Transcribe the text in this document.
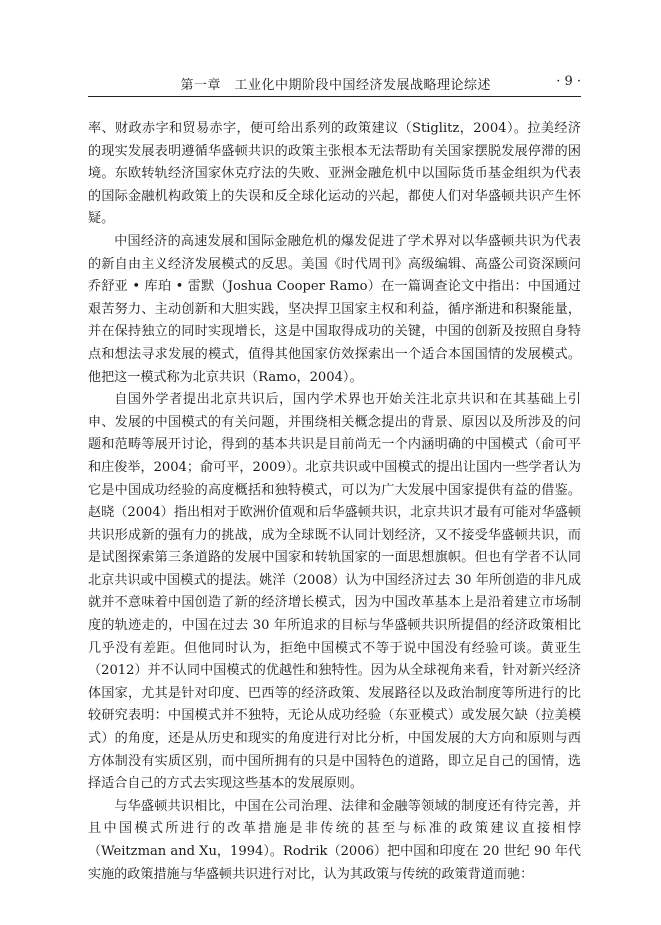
第一章　工业化中期阶段中国经济发展战略理论综述	· 9 ·

率、财政赤字和贸易赤字，便可给出系列的政策建议（Stiglitz，2004）。拉美经济的现实发展表明遵循华盛顿共识的政策主张根本无法帮助有关国家摆脱发展停滞的困境。东欧转轨经济国家休克疗法的失败、亚洲金融危机中以国际货币基金组织为代表的国际金融机构政策上的失误和反全球化运动的兴起，都使人们对华盛顿共识产生怀疑。

中国经济的高速发展和国际金融危机的爆发促进了学术界对以华盛顿共识为代表的新自由主义经济发展模式的反思。美国《时代周刊》高级编辑、高盛公司资深顾问乔舒亚 • 库珀 • 雷默（Joshua Cooper Ramo）在一篇调查论文中指出：中国通过艰苦努力、主动创新和大胆实践，坚决捍卫国家主权和利益，循序渐进和积聚能量，并在保持独立的同时实现增长，这是中国取得成功的关键，中国的创新及按照自身特点和想法寻求发展的模式，值得其他国家仿效探索出一个适合本国国情的发展模式。他把这一模式称为北京共识（Ramo，2004）。

自国外学者提出北京共识后，国内学术界也开始关注北京共识和在其基础上引申、发展的中国模式的有关问题，并围绕相关概念提出的背景、原因以及所涉及的问题和范畴等展开讨论，得到的基本共识是目前尚无一个内涵明确的中国模式（俞可平和庄俊举，2004；俞可平，2009）。北京共识或中国模式的提出让国内一些学者认为它是中国成功经验的高度概括和独特模式，可以为广大发展中国家提供有益的借鉴。赵晓（2004）指出相对于欧洲价值观和后华盛顿共识，北京共识才最有可能对华盛顿共识形成新的强有力的挑战，成为全球既不认同计划经济，又不接受华盛顿共识，而是试图探索第三条道路的发展中国家和转轨国家的一面思想旗帜。但也有学者不认同北京共识或中国模式的提法。姚洋（2008）认为中国经济过去 30 年所创造的非凡成就并不意味着中国创造了新的经济增长模式，因为中国改革基本上是沿着建立市场制度的轨迹走的，中国在过去 30 年所追求的目标与华盛顿共识所提倡的经济政策相比几乎没有差距。但他同时认为，拒绝中国模式不等于说中国没有经验可谈。黄亚生（2012）并不认同中国模式的优越性和独特性。因为从全球视角来看，针对新兴经济体国家，尤其是针对印度、巴西等的经济政策、发展路径以及政治制度等所进行的比较研究表明：中国模式并不独特，无论从成功经验（东亚模式）或发展欠缺（拉美模式）的角度，还是从历史和现实的角度进行对比分析，中国发展的大方向和原则与西方体制没有实质区别，而中国所拥有的只是中国特色的道路，即立足自己的国情，选择适合自己的方式去实现这些基本的发展原则。

与华盛顿共识相比，中国在公司治理、法律和金融等领域的制度还有待完善，并且中国模式所进行的改革措施是非传统的甚至与标准的政策建议直接相悖（Weitzman and Xu，1994）。Rodrik（2006）把中国和印度在 20 世纪 90 年代实施的政策措施与华盛顿共识进行对比，认为其政策与传统的政策背道而驰：
